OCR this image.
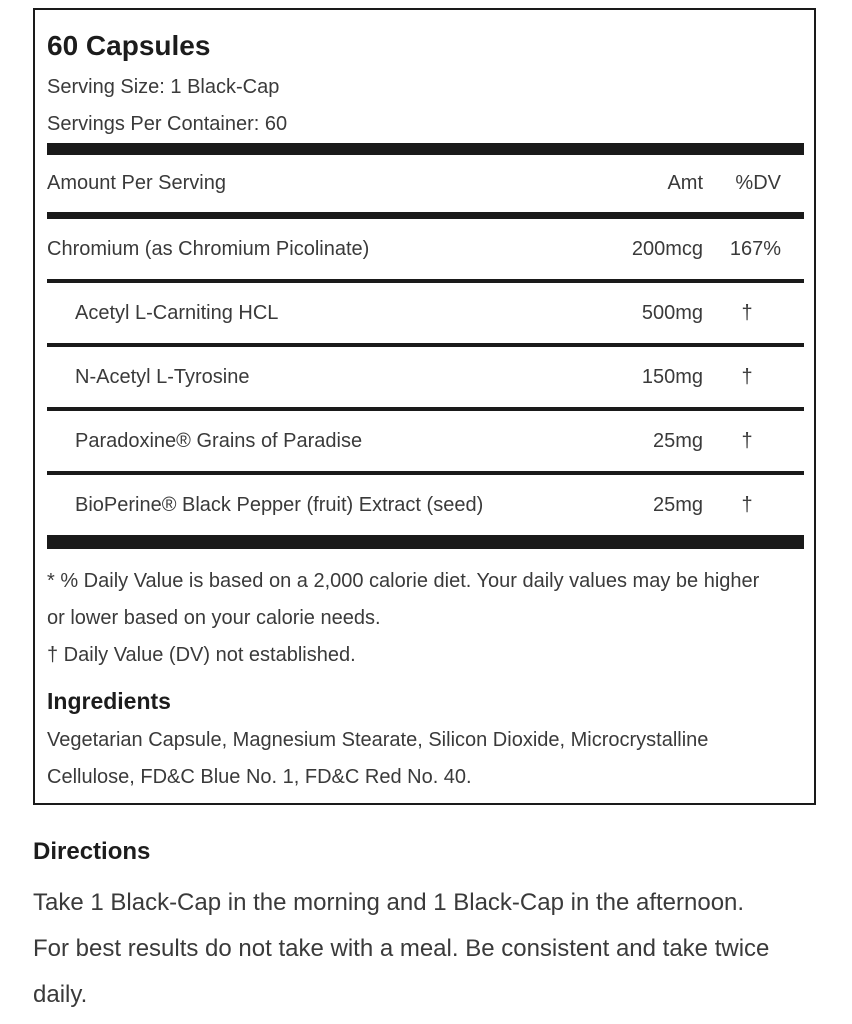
60 Capsules
Serving Size: 1 Black-Cap
Servings Per Container: 60
Amount Per Serving	Amt %DV
Chromium (as Chromium Picolinate)	200mcg 167%
Acetyl L-Carniting HCL	500mg	†
N-Acetyl L-Tyrosine	150mg	†
Paradoxine® Grains of Paradise	25mg	†
BioPerine® Black Pepper (fruit) Extract (seed)	25mg	†
* % Daily Value is based on a 2,000 calorie diet. Your daily values may be higher
or lower based on your calorie needs.
† Daily Value (DV) not established.
Ingredients
Vegetarian Capsule, Magnesium Stearate, Silicon Dioxide, Microcrystalline
Cellulose, FD&C Blue No. 1, FD&C Red No. 40.
Directions
Take 1 Black-Cap in the morning and 1 Black-Cap in the afternoon.
For best results do not take with a meal. Be consistent and take twice
daily.
